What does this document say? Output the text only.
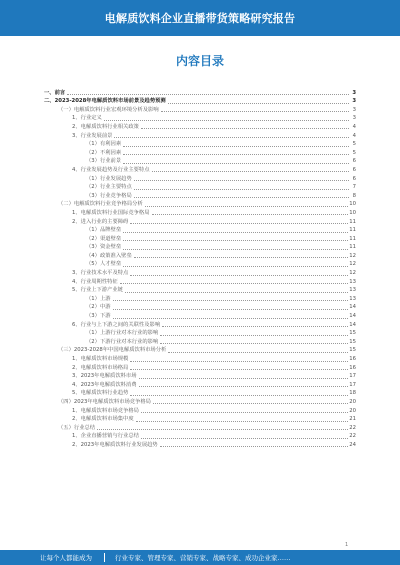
电解质饮料企业直播带货策略研究报告
内容目录
一、前言	3
二、2023-2028年电解质饮料市场前景及趋势预测	3
（一）电解质饮料行业宏观环境分析及影响	3
1、行业定义	3
2、电解质饮料行业相关政策	4
3、行业发展前景	4
（1）有利因素	5
（2）不利因素	5
（3）行业前景	6
4、行业发展趋势及行业主要特点	6
（1）行业发展趋势	6
（2）行业主要特点	7
（3）行业竞争格局	8
（二）电解质饮料行业竞争格局分析	10
1、电解质饮料行业国际竞争格局	10
2、进入行业的主要障碍	11
（1）品牌壁垒	11
（2）渠道壁垒	11
（3）资金壁垒	11
（4）政策准入壁垒	12
（5）人才壁垒	12
3、行业技术水平及特点	12
4、行业周期性特征	13
5、行业上下游产业链	13
（1）上游	13
（2）中游	14
（3）下游	14
6、行业与上下游之间的关联性及影响	14
（1）上游行业对本行业的影响	15
（2）下游行业对本行业的影响	15
（三）2023-2028年中国电解质饮料市场分析	15
1、电解质饮料市场规模	16
2、电解质饮料市场格局	16
3、2023年电解质饮料市场	17
4、2023年电解质饮料消费	17
5、电解质饮料行业趋势	18
（四）2023年电解质饮料市场竞争格局	20
1、电解质饮料市场竞争格局	20
2、电解质饮料市场集中度	21
（五）行业总结	22
1、企业直播营销与行业总结	22
2、2023年电解质饮料行业发展趋势	24
1
让每个人都能成为	行业专家、管理专家、营销专家、战略专家、成功企业家……
